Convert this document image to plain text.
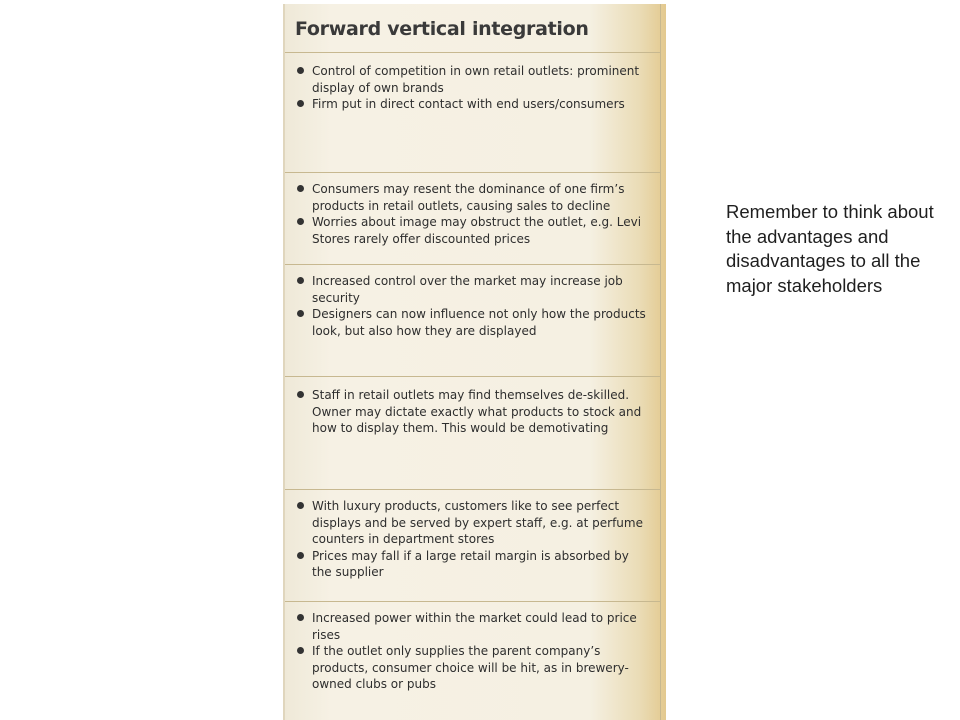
Forward vertical integration
Control of competition in own retail outlets: prominent display of own brands
Firm put in direct contact with end users/consumers
Consumers may resent the dominance of one firm’s products in retail outlets, causing sales to decline
Worries about image may obstruct the outlet, e.g. Levi Stores rarely offer discounted prices
Increased control over the market may increase job security
Designers can now influence not only how the products look, but also how they are displayed
Staff in retail outlets may find themselves de-skilled. Owner may dictate exactly what products to stock and how to display them. This would be demotivating
With luxury products, customers like to see perfect displays and be served by expert staff, e.g. at perfume counters in department stores
Prices may fall if a large retail margin is absorbed by the supplier
Increased power within the market could lead to price rises
If the outlet only supplies the parent company’s products, consumer choice will be hit, as in brewery-owned clubs or pubs

Remember to think about the advantages and disadvantages to all the major stakeholders
